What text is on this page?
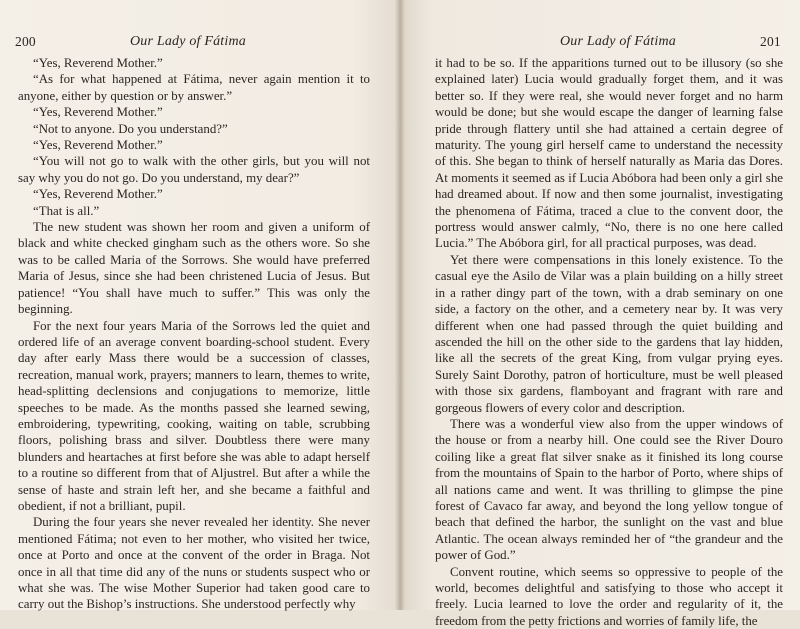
200	Our Lady of Fátima

“Yes, Reverend Mother.”

“As for what happened at Fátima, never again mention it to anyone, either by question or by answer.”

“Yes, Reverend Mother.”

“Not to anyone. Do you understand?”

“Yes, Reverend Mother.”

“You will not go to walk with the other girls, but you will not say why you do not go. Do you understand, my dear?”

“Yes, Reverend Mother.”

“That is all.”

The new student was shown her room and given a uniform of black and white checked gingham such as the others wore. So she was to be called Maria of the Sorrows. She would have preferred Maria of Jesus, since she had been christened Lucia of Jesus. But patience! “You shall have much to suffer.” This was only the beginning.

For the next four years Maria of the Sorrows led the quiet and ordered life of an average convent boarding-school student. Every day after early Mass there would be a succession of classes, recreation, manual work, prayers; manners to learn, themes to write, head-splitting declensions and conjugations to memorize, little speeches to be made. As the months passed she learned sewing, embroidering, typewriting, cooking, waiting on table, scrubbing floors, polishing brass and silver. Doubtless there were many blunders and heartaches at first before she was able to adapt herself to a routine so different from that of Aljustrel. But after a while the sense of haste and strain left her, and she became a faithful and obedient, if not a brilliant, pupil.

During the four years she never revealed her identity. She never mentioned Fátima; not even to her mother, who visited her twice, once at Porto and once at the convent of the order in Braga. Not once in all that time did any of the nuns or students suspect who or what she was. The wise Mother Superior had taken good care to carry out the Bishop’s instructions. She understood perfectly why

Our Lady of Fátima	201

it had to be so. If the apparitions turned out to be illusory (so she explained later) Lucia would gradually forget them, and it was better so. If they were real, she would never forget and no harm would be done; but she would escape the danger of learning false pride through flattery until she had attained a certain degree of maturity. The young girl herself came to understand the necessity of this. She began to think of herself naturally as Maria das Dores. At moments it seemed as if Lucia Abóbora had been only a girl she had dreamed about. If now and then some journalist, investigating the phenomena of Fátima, traced a clue to the convent door, the portress would answer calmly, “No, there is no one here called Lucia.” The Abóbora girl, for all practical purposes, was dead.

Yet there were compensations in this lonely existence. To the casual eye the Asilo de Vilar was a plain building on a hilly street in a rather dingy part of the town, with a drab seminary on one side, a factory on the other, and a cemetery near by. It was very different when one had passed through the quiet building and ascended the hill on the other side to the gardens that lay hidden, like all the secrets of the great King, from vulgar prying eyes. Surely Saint Dorothy, patron of horticulture, must be well pleased with those six gardens, flamboyant and fragrant with rare and gorgeous flowers of every color and description.

There was a wonderful view also from the upper windows of the house or from a nearby hill. One could see the River Douro coiling like a great flat silver snake as it finished its long course from the mountains of Spain to the harbor of Porto, where ships of all nations came and went. It was thrilling to glimpse the pine forest of Cavaco far away, and beyond the long yellow tongue of beach that defined the harbor, the sunlight on the vast and blue Atlantic. The ocean always reminded her of “the grandeur and the power of God.”

Convent routine, which seems so oppressive to people of the world, becomes delightful and satisfying to those who accept it freely. Lucia learned to love the order and regularity of it, the freedom from the petty frictions and worries of family life, the
